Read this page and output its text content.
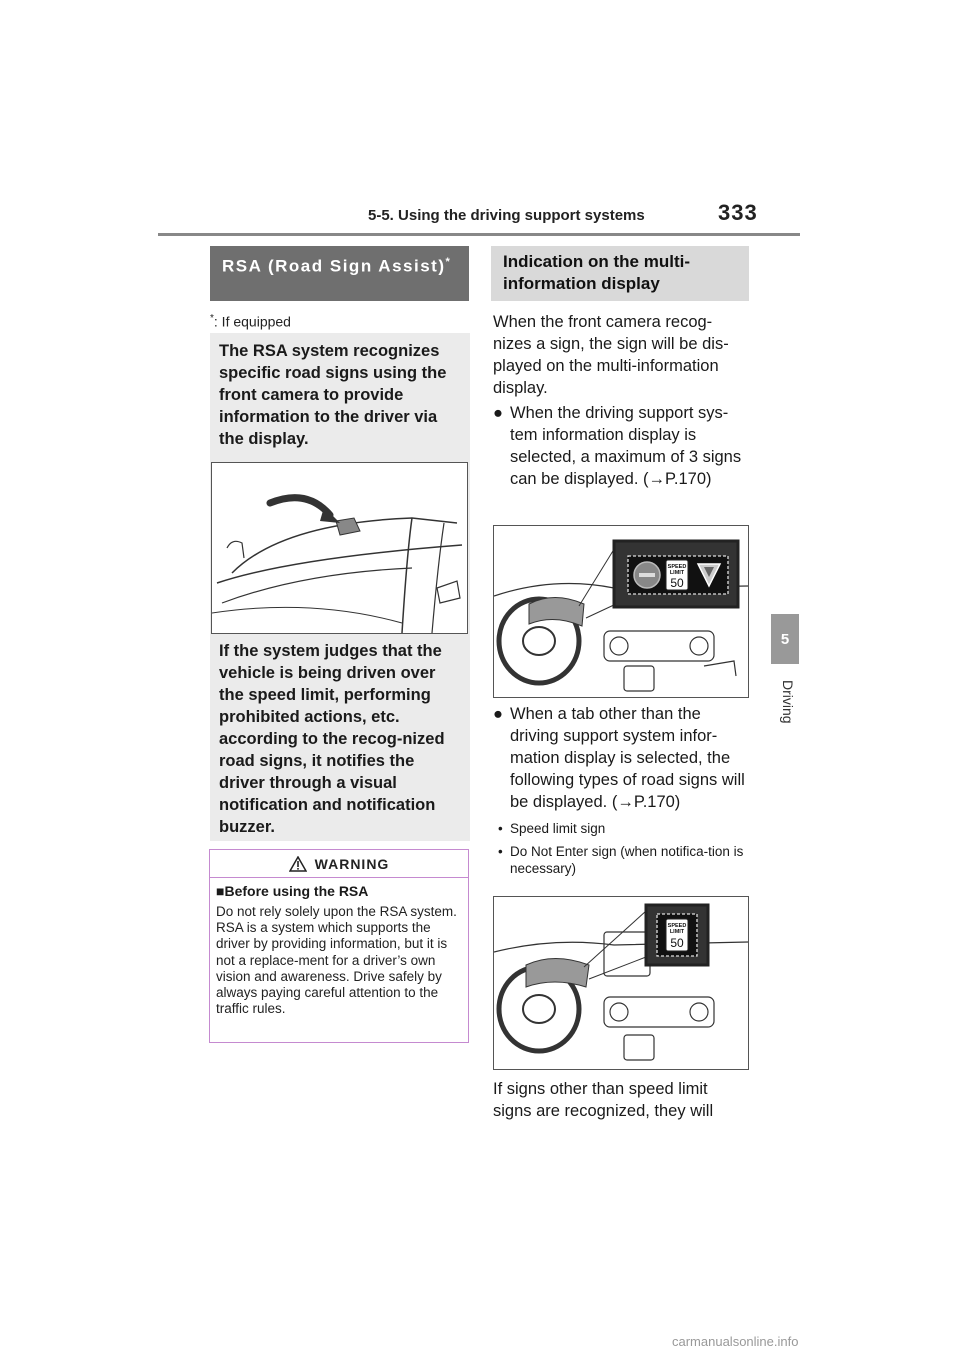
5-5. Using the driving support systems	333
5
Driving
RSA (Road Sign Assist)*
*: If equipped
The RSA system recognizes specific road signs using the front camera to provide information to the driver via the display.
If the system judges that the vehicle is being driven over the speed limit, performing prohibited actions, etc. according to the recog-nized road signs, it notifies the driver through a visual notification and notification buzzer.
WARNING
■Before using the RSA
Do not rely solely upon the RSA system. RSA is a system which supports the driver by providing information, but it is not a replace-ment for a driver’s own vision and awareness. Drive safely by always paying careful attention to the traffic rules.
Indication on the multi-information display
When the front camera recog-nizes a sign, the sign will be dis-played on the multi-information display.
● When the driving support sys-tem information display is selected, a maximum of 3 signs can be displayed. (→P.170)
SPEED
LIMIT
50
● When a tab other than the driving support system infor-mation display is selected, the following types of road signs will be displayed. (→P.170)
• Speed limit sign
• Do Not Enter sign (when notifica-tion is necessary)
SPEED
LIMIT
50
If signs other than speed limit signs are recognized, they will
carmanualsonline.info
